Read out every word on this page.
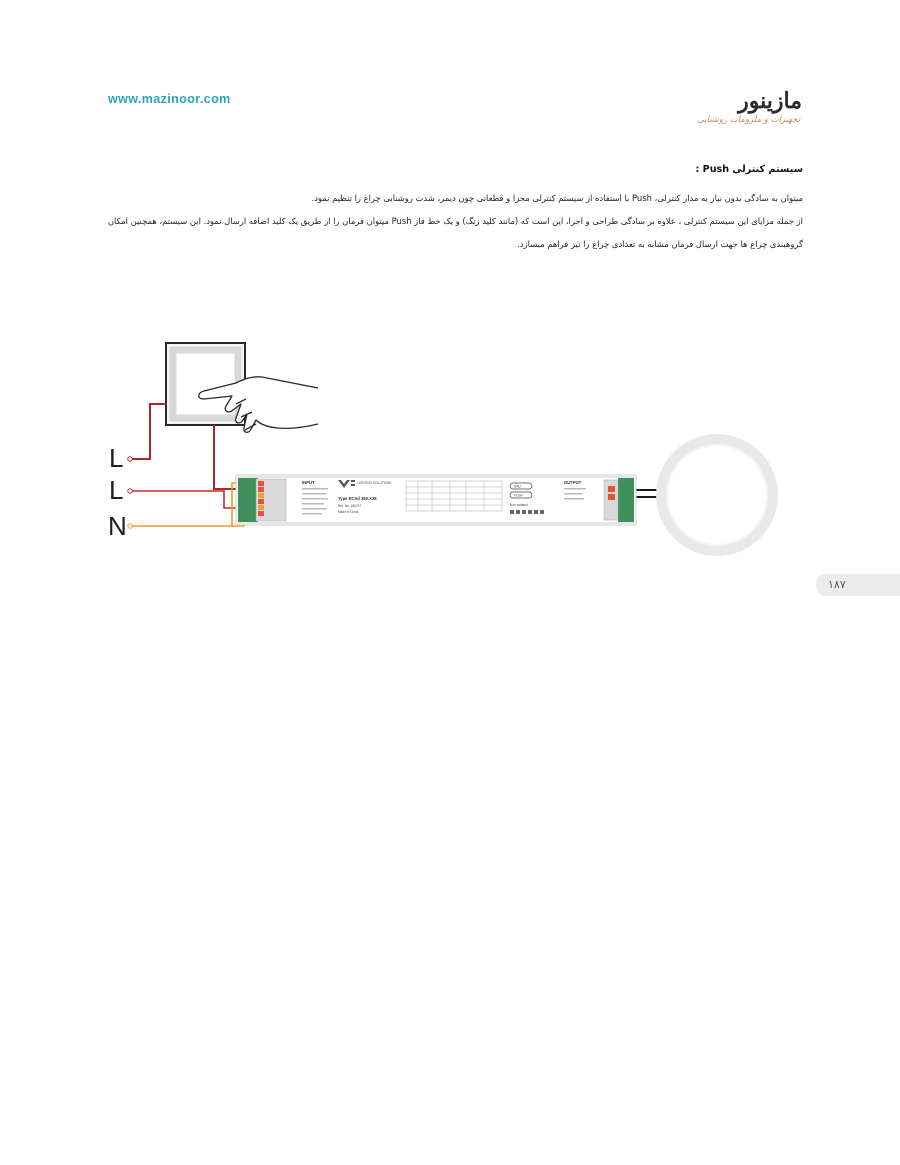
www.mazinoor.com	مازینور
تجهیزات و ملزومات روشنایی

سیستم کنترلی Push :

میتوان به سادگی بدون نیاز به مدار کنترلی، Push با استفاده از سیستم کنترلی مجزا و قطعاتی چون دیمر، شدت روشنایی چراغ را تنظیم نمود.

از جمله مزایای این سیستم کنترلی ، علاوه بر سادگی طراحی و اجرا، این است که (مانند کلید زنگ) و یک خط فاز Push میتوان فرمان را از طریق یک کلید اضافه ارسال نمود. این سیستم، همچنین امکان گروهبندی چراغ ها جهت ارسال فرمان مشابه به تعدادی چراغ را نیز فراهم میسازد.

L
L
N
INPUT	LIGHTING SOLUTIONS
Type ECXd 350.X28
Ref. No. 186707
Made in China
DALI
PUSH
Non isolated
OUTPUT
۱۸۷
